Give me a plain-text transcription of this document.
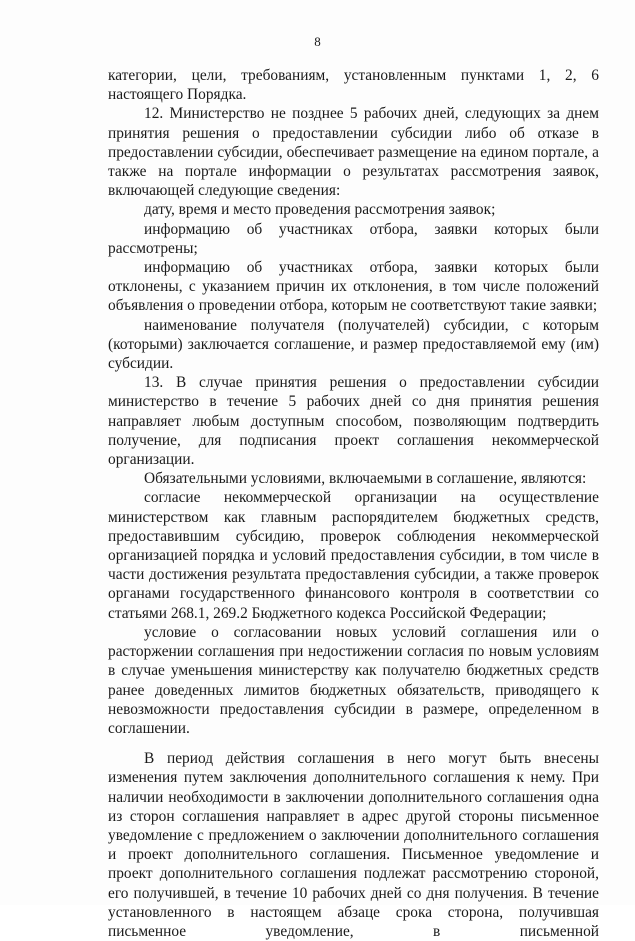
8

категории, цели, требованиям, установленным пунктами 1, 2, 6 настоящего Порядка.

12. Министерство не позднее 5 рабочих дней, следующих за днем принятия решения о предоставлении субсидии либо об отказе в предоставлении субсидии, обеспечивает размещение на едином портале, а также на портале информации о результатах рассмотрения заявок, включающей следующие сведения:

дату, время и место проведения рассмотрения заявок;

информацию об участниках отбора, заявки которых были рассмотрены;

информацию об участниках отбора, заявки которых были отклонены, с указанием причин их отклонения, в том числе положений объявления о проведении отбора, которым не соответствуют такие заявки;

наименование получателя (получателей) субсидии, с которым (которыми) заключается соглашение, и размер предоставляемой ему (им) субсидии.

13. В случае принятия решения о предоставлении субсидии министерство в течение 5 рабочих дней со дня принятия решения направляет любым доступным способом, позволяющим подтвердить получение, для подписания проект соглашения некоммерческой организации.

Обязательными условиями, включаемыми в соглашение, являются:

согласие некоммерческой организации на осуществление министерством как главным распорядителем бюджетных средств, предоставившим субсидию, проверок соблюдения некоммерческой организацией порядка и условий предоставления субсидии, в том числе в части достижения результата предоставления субсидии, а также проверок органами государственного финансового контроля в соответствии со статьями 268.1, 269.2 Бюджетного кодекса Российской Федерации;

условие о согласовании новых условий соглашения или о расторжении соглашения при недостижении согласия по новым условиям в случае уменьшения министерству как получателю бюджетных средств ранее доведенных лимитов бюджетных обязательств, приводящего к невозможности предоставления субсидии в размере, определенном в соглашении.

В период действия соглашения в него могут быть внесены изменения путем заключения дополнительного соглашения к нему. При наличии необходимости в заключении дополнительного соглашения одна из сторон соглашения направляет в адрес другой стороны письменное уведомление с предложением о заключении дополнительного соглашения и проект дополнительного соглашения. Письменное уведомление и проект дополнительного соглашения подлежат рассмотрению стороной, его получившей, в течение 10 рабочих дней со дня получения. В течение установленного в настоящем абзаце срока сторона, получившая письменное уведомление, в письменной
